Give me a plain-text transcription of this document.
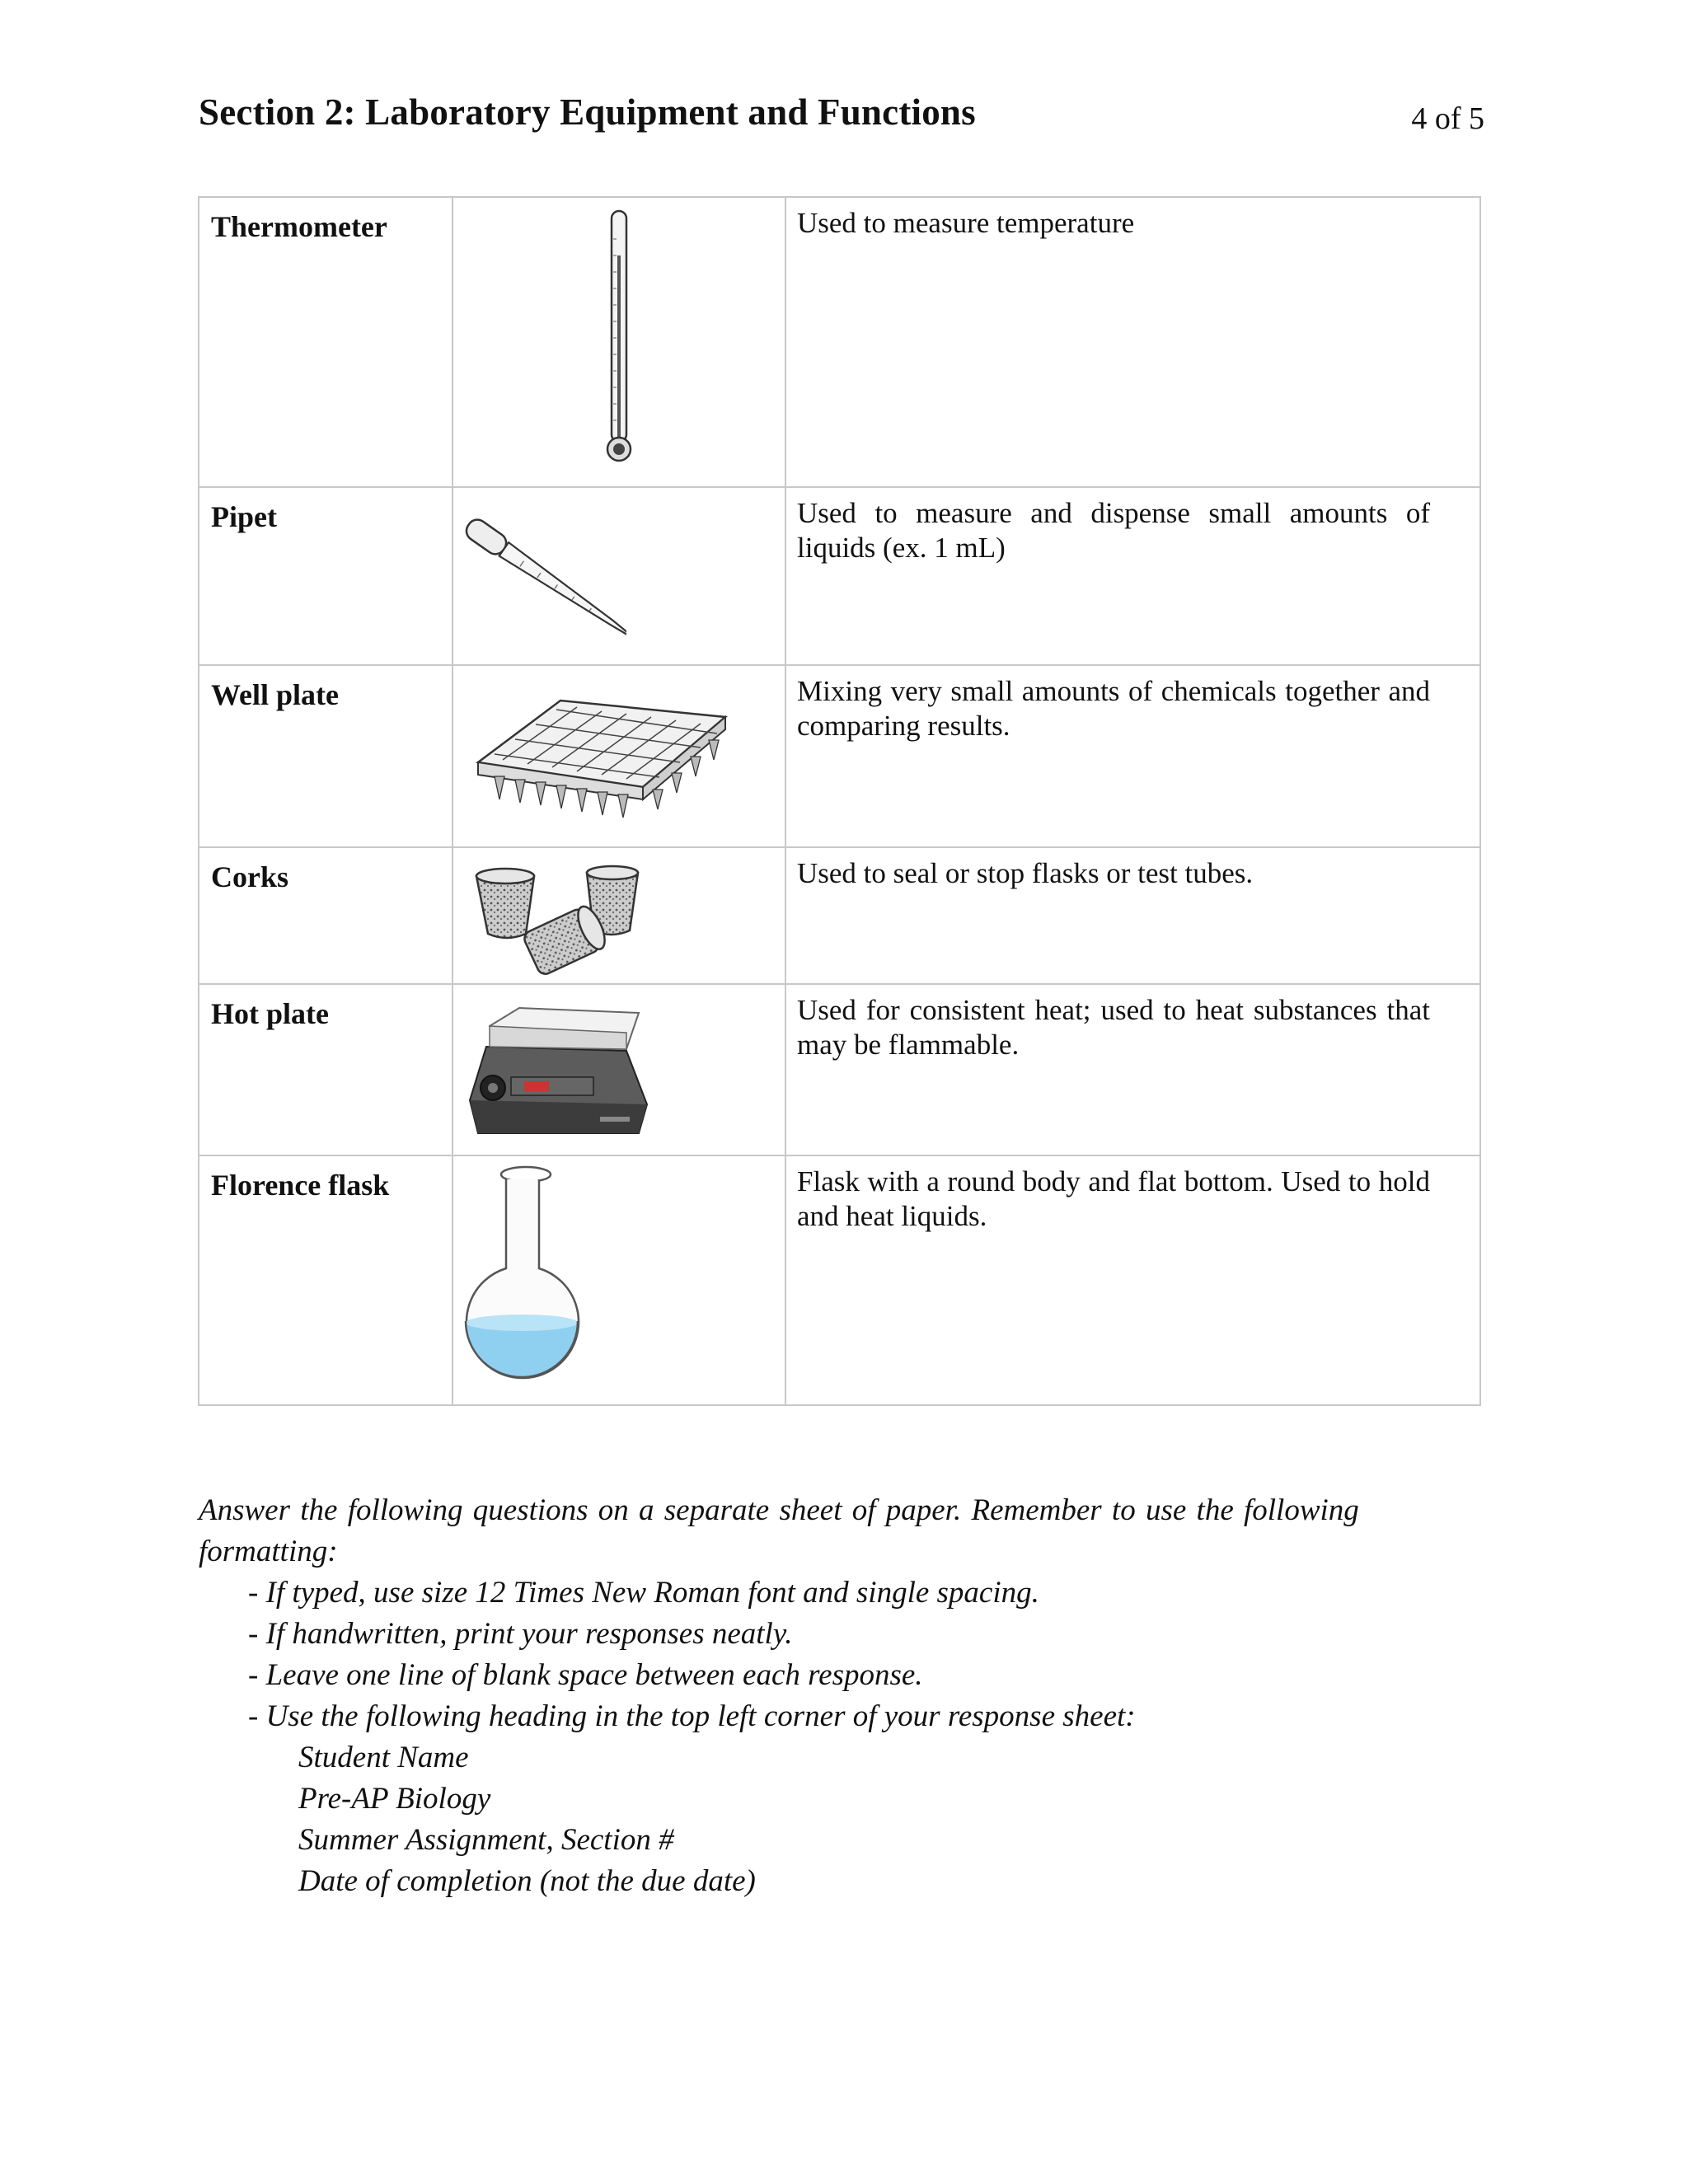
Section 2: Laboratory Equipment and Functions	4 of 5
Thermometer		Used to measure temperature

Pipet		Used to measure and dispense small amounts of liquids (ex. 1 mL)

Well plate		Mixing very small amounts of chemicals together and comparing results.

Corks		Used to seal or stop flasks or test tubes.

Hot plate		Used for consistent heat; used to heat substances that may be flammable.

Florence flask		Flask with a round body and flat bottom. Used to hold and heat liquids.
Answer the following questions on a separate sheet of paper. Remember to use the following formatting:
- If typed, use size 12 Times New Roman font and single spacing.
- If handwritten, print your responses neatly.
- Leave one line of blank space between each response.
- Use the following heading in the top left corner of your response sheet:
Student Name
Pre-AP Biology
Summer Assignment, Section #
Date of completion (not the due date)
